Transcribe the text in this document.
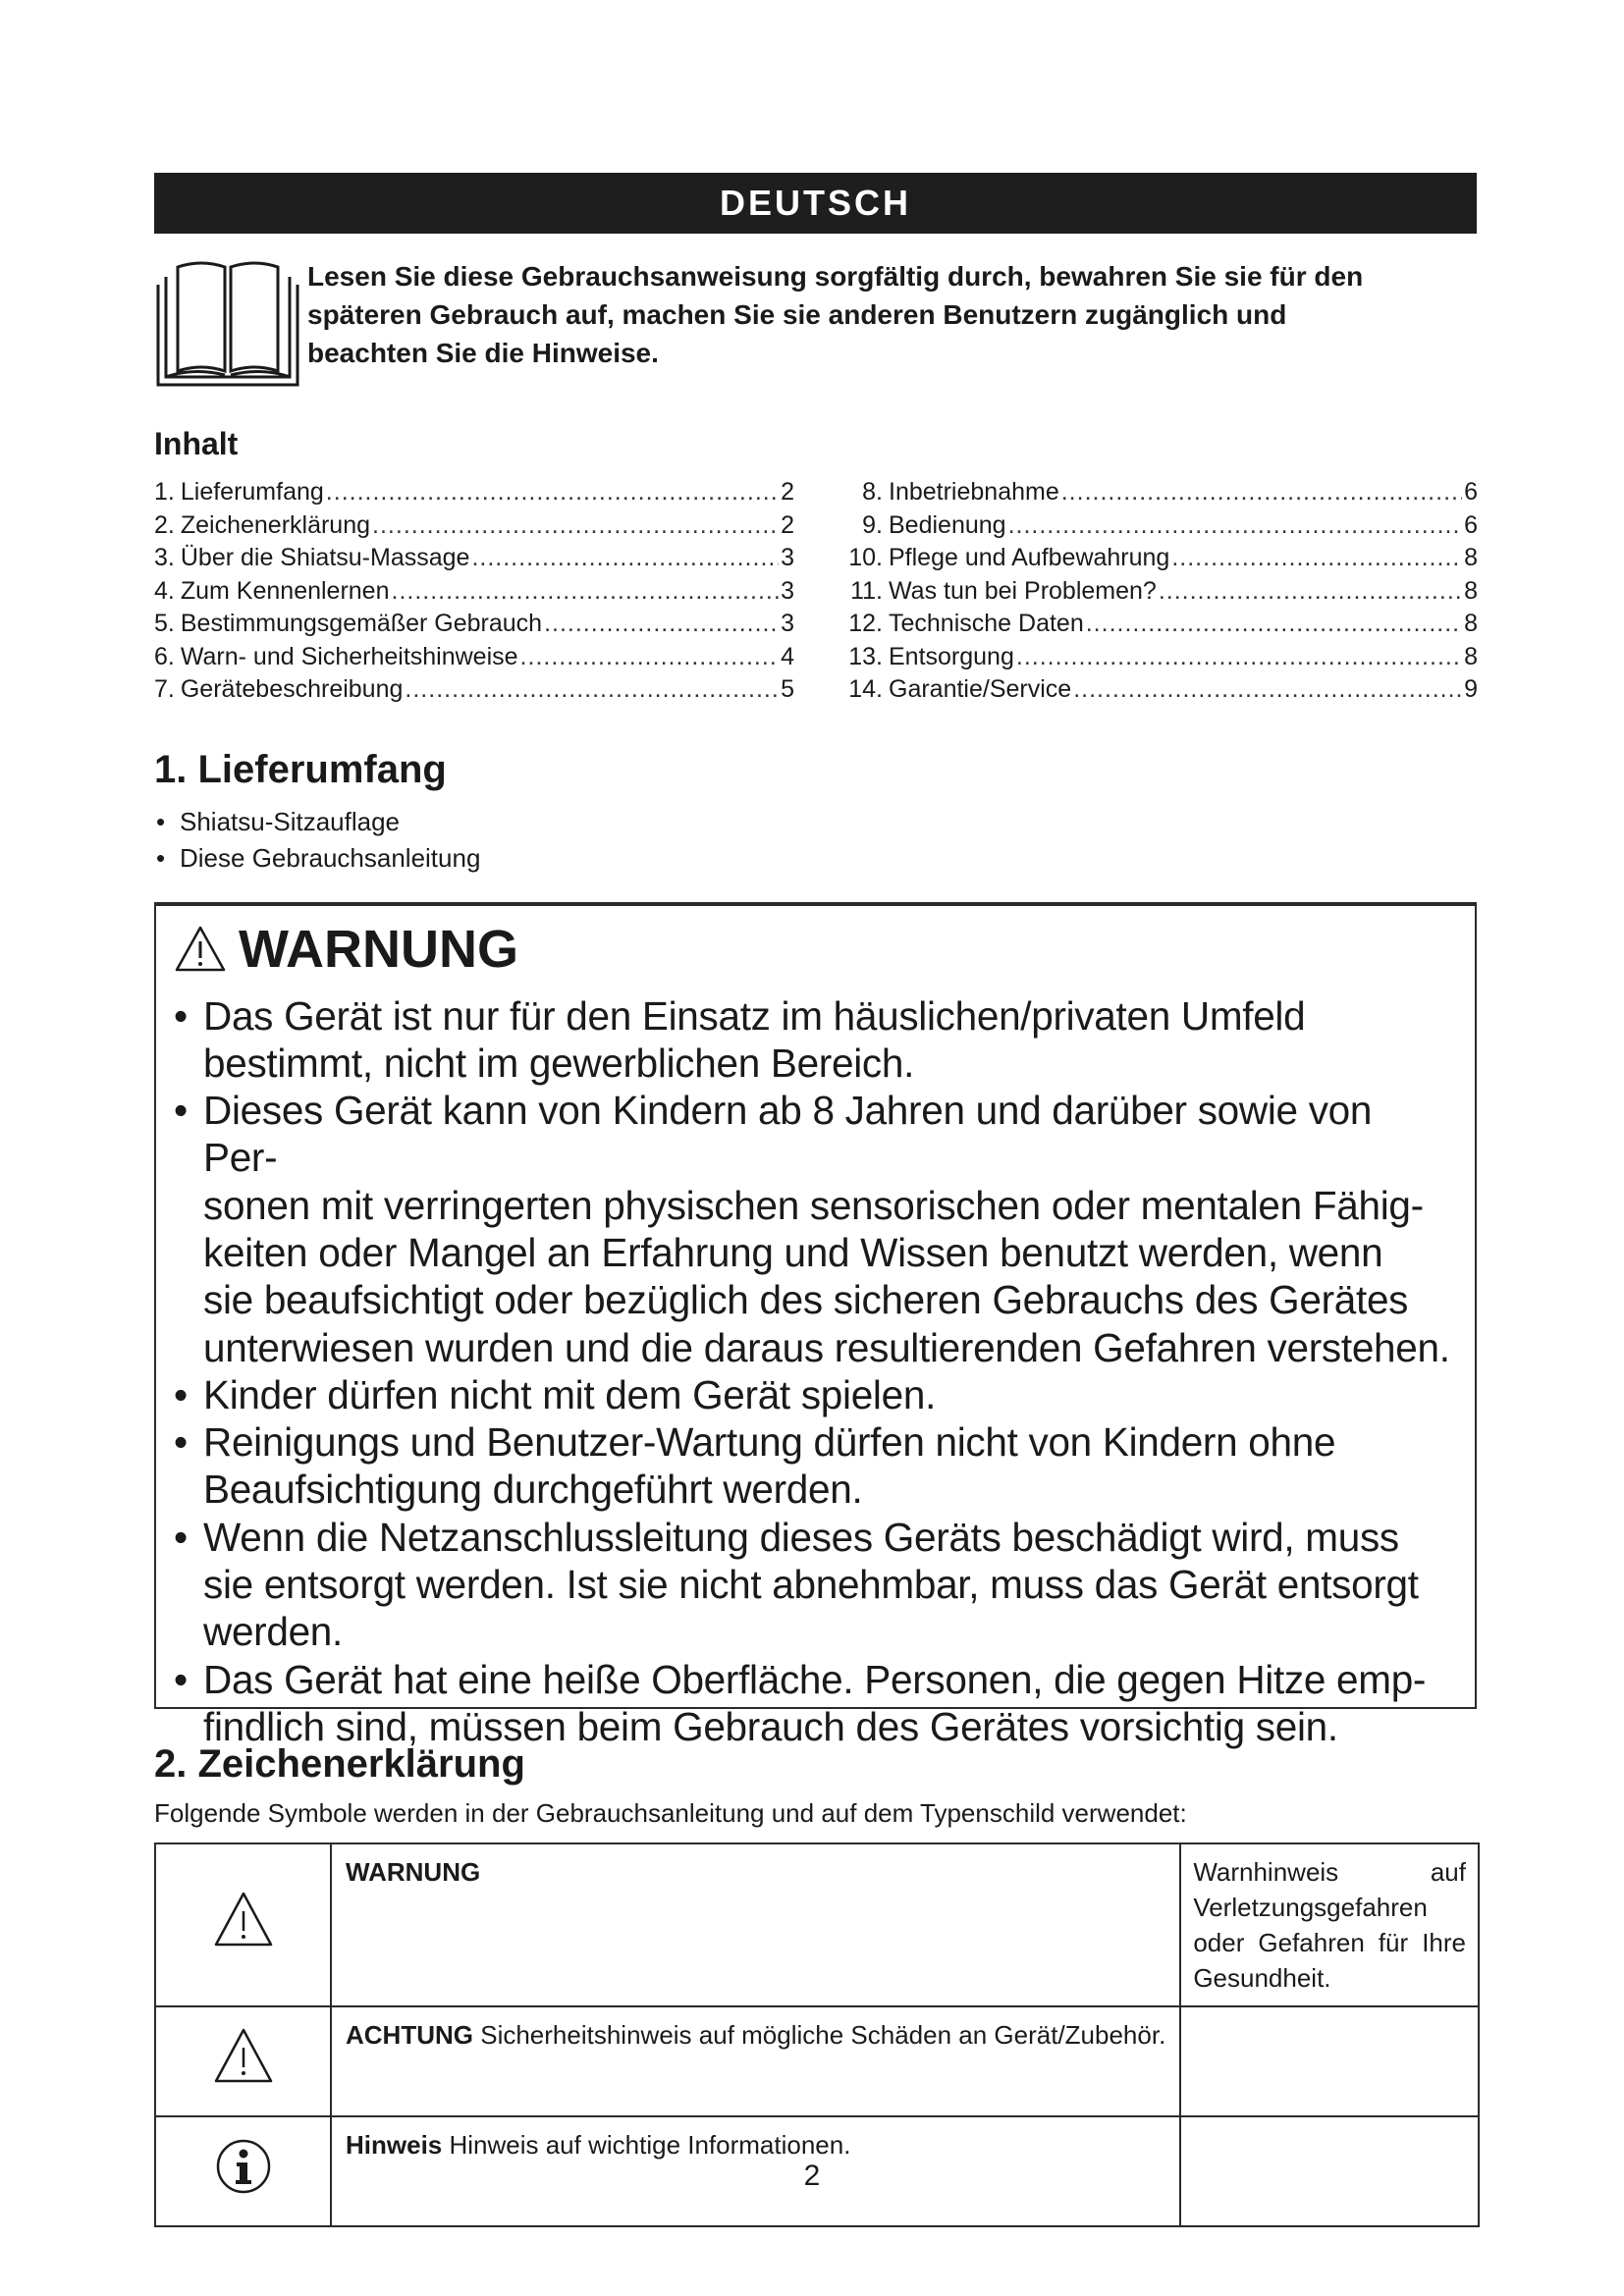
DEUTSCH
Lesen Sie diese Gebrauchsanweisung sorgfältig durch, bewahren Sie sie für den
späteren Gebrauch auf, machen Sie sie anderen Benutzern zugänglich und
beachten Sie die Hinweise.
Inhalt
1. Lieferumfang .....	2
2. Zeichenerklärung .....	2
3. Über die Shiatsu-Massage .....	3
4. Zum Kennenlernen .....	3
5. Bestimmungsgemäßer Gebrauch .....	3
6. Warn- und Sicherheitshinweise .....	4
7. Gerätebeschreibung .....	5
8. Inbetriebnahme .....	6
9. Bedienung .....	6
10. Pflege und Aufbewahrung .....	8
11. Was tun bei Problemen? .....	8
12. Technische Daten .....	8
13. Entsorgung .....	8
14. Garantie/Service .....	9
1. Lieferumfang
• Shiatsu-Sitzauflage
• Diese Gebrauchsanleitung
WARNUNG
• Das Gerät ist nur für den Einsatz im häuslichen/privaten Umfeld
bestimmt, nicht im gewerblichen Bereich.
• Dieses Gerät kann von Kindern ab 8 Jahren und darüber sowie von Per-
sonen mit verringerten physischen sensorischen oder mentalen Fähig-
keiten oder Mangel an Erfahrung und Wissen benutzt werden, wenn
sie beaufsichtigt oder bezüglich des sicheren Gebrauchs des Gerätes
unterwiesen wurden und die daraus resultierenden Gefahren verstehen.
• Kinder dürfen nicht mit dem Gerät spielen.
• Reinigungs und Benutzer-Wartung dürfen nicht von Kindern ohne
Beaufsichtigung durchgeführt werden.
• Wenn die Netzanschlussleitung dieses Geräts beschädigt wird, muss
sie entsorgt werden. Ist sie nicht abnehmbar, muss das Gerät entsorgt
werden.
• Das Gerät hat eine heiße Oberfläche. Personen, die gegen Hitze emp-
findlich sind, müssen beim Gebrauch des Gerätes vorsichtig sein.
2. Zeichenerklärung
Folgende Symbole werden in der Gebrauchsanleitung und auf dem Typenschild verwendet:
	WARNUNG	Warnhinweis auf Verletzungsgefahren oder Gefahren für Ihre Gesundheit.
	ACHTUNG Sicherheitshinweis auf mögliche Schäden an Gerät/Zubehör.	
	Hinweis Hinweis auf wichtige Informationen.	
2
